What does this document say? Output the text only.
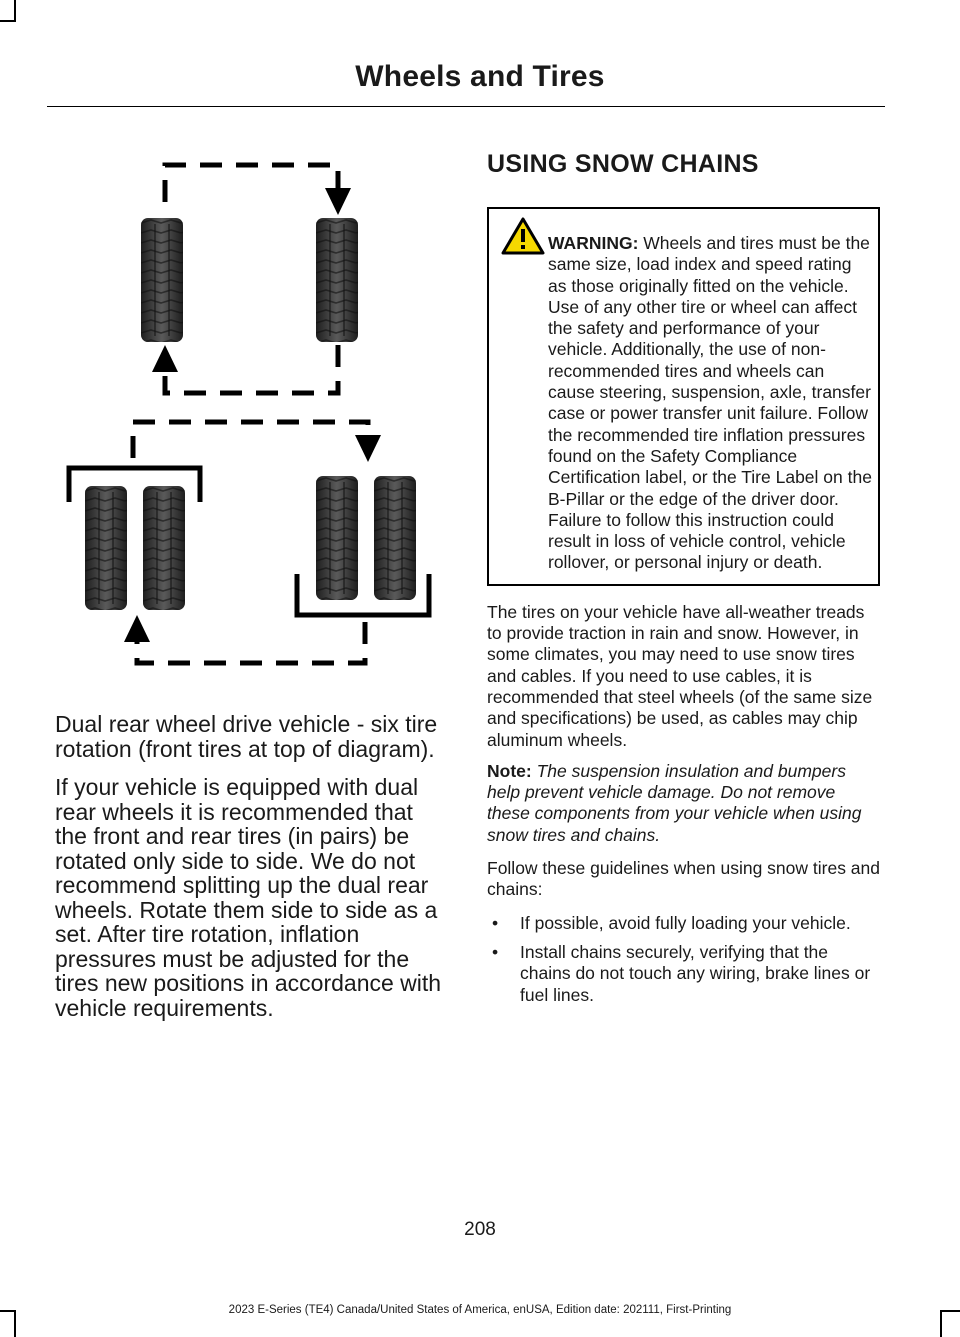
Wheels and Tires

Dual rear wheel drive vehicle - six tire rotation (front tires at top of diagram).

If your vehicle is equipped with dual rear wheels it is recommended that the front and rear tires (in pairs) be rotated only side to side. We do not recommend splitting up the dual rear wheels. Rotate them side to side as a set. After tire rotation, inflation pressures must be adjusted for the tires new positions in accordance with vehicle requirements.

USING SNOW CHAINS
WARNING: Wheels and tires must be the same size, load index and speed rating as those originally fitted on the vehicle. Use of any other tire or wheel can affect the safety and performance of your vehicle. Additionally, the use of non-recommended tires and wheels can cause steering, suspension, axle, transfer case or power transfer unit failure. Follow the recommended tire inflation pressures found on the Safety Compliance Certification label, or the Tire Label on the B-Pillar or the edge of the driver door. Failure to follow this instruction could result in loss of vehicle control, vehicle rollover, or personal injury or death.

The tires on your vehicle have all-weather treads to provide traction in rain and snow. However, in some climates, you may need to use snow tires and cables. If you need to use cables, it is recommended that steel wheels (of the same size and specifications) be used, as cables may chip aluminum wheels.

Note: The suspension insulation and bumpers help prevent vehicle damage. Do not remove these components from your vehicle when using snow tires and chains.

Follow these guidelines when using snow tires and chains:

• If possible, avoid fully loading your vehicle.
• Install chains securely, verifying that the chains do not touch any wiring, brake lines or fuel lines.
208
2023 E-Series (TE4) Canada/United States of America, enUSA, Edition date: 202111, First-Printing
